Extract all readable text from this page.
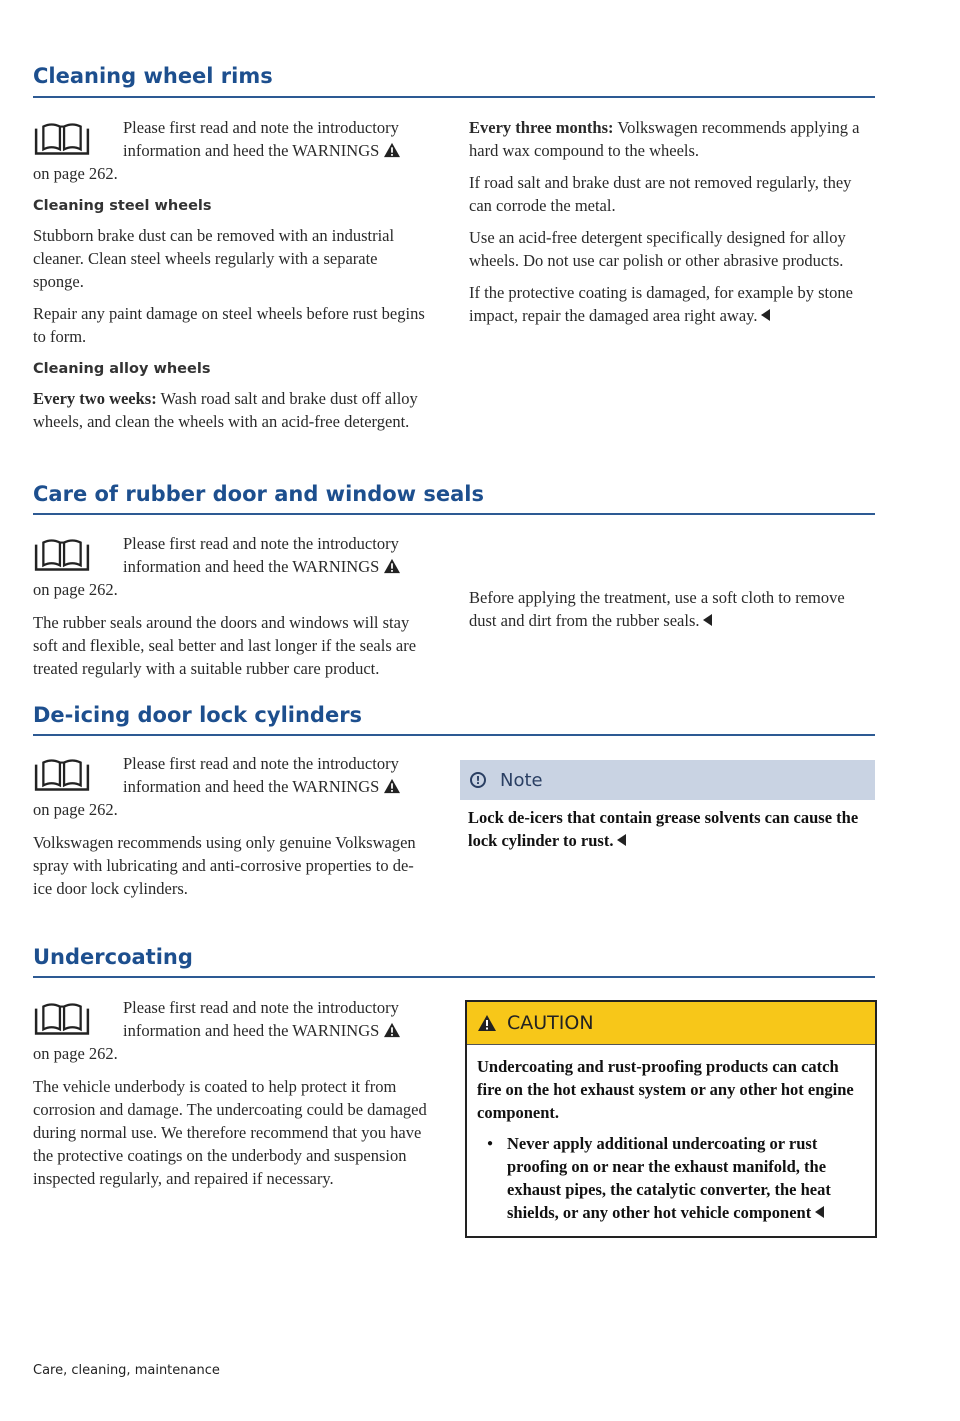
Cleaning wheel rims
Please first read and note the introductory
information and heed the WARNINGS
on page 262.
Cleaning steel wheels

Stubborn brake dust can be removed with an industrial cleaner. Clean steel wheels regularly with a separate sponge.

Repair any paint damage on steel wheels before rust begins to form.

Cleaning alloy wheels

Every two weeks: Wash road salt and brake dust off alloy wheels, and clean the wheels with an acid-free detergent.

Every three months: Volkswagen recommends applying a hard wax compound to the wheels.

If road salt and brake dust are not removed regularly, they can corrode the metal.

Use an acid-free detergent specifically designed for alloy wheels. Do not use car polish or other abrasive products.

If the protective coating is damaged, for example by stone impact, repair the damaged area right away.

Care of rubber door and window seals
Please first read and note the introductory
information and heed the WARNINGS
on page 262.

The rubber seals around the doors and windows will stay soft and flexible, seal better and last longer if the seals are treated regularly with a suitable rubber care product.

Before applying the treatment, use a soft cloth to remove dust and dirt from the rubber seals.

De-icing door lock cylinders
Please first read and note the introductory
information and heed the WARNINGS
on page 262.

Volkswagen recommends using only genuine Volkswagen spray with lubricating and anti-corrosive properties to de-ice door lock cylinders.

!	Note
Lock de-icers that contain grease solvents can cause the lock cylinder to rust.
Undercoating
Please first read and note the introductory
information and heed the WARNINGS
on page 262.

The vehicle underbody is coated to help protect it from corrosion and damage. The undercoating could be damaged during normal use. We therefore recommend that you have the protective coatings on the underbody and suspension inspected regularly, and repaired if necessary.

CAUTION

Undercoating and rust-proofing products can catch fire on the hot exhaust system or any other hot engine component.

● Never apply additional undercoating or rust proofing on or near the exhaust manifold, the exhaust pipes, the catalytic converter, the heat shields, or any other hot vehicle component

Care, cleaning, maintenance
